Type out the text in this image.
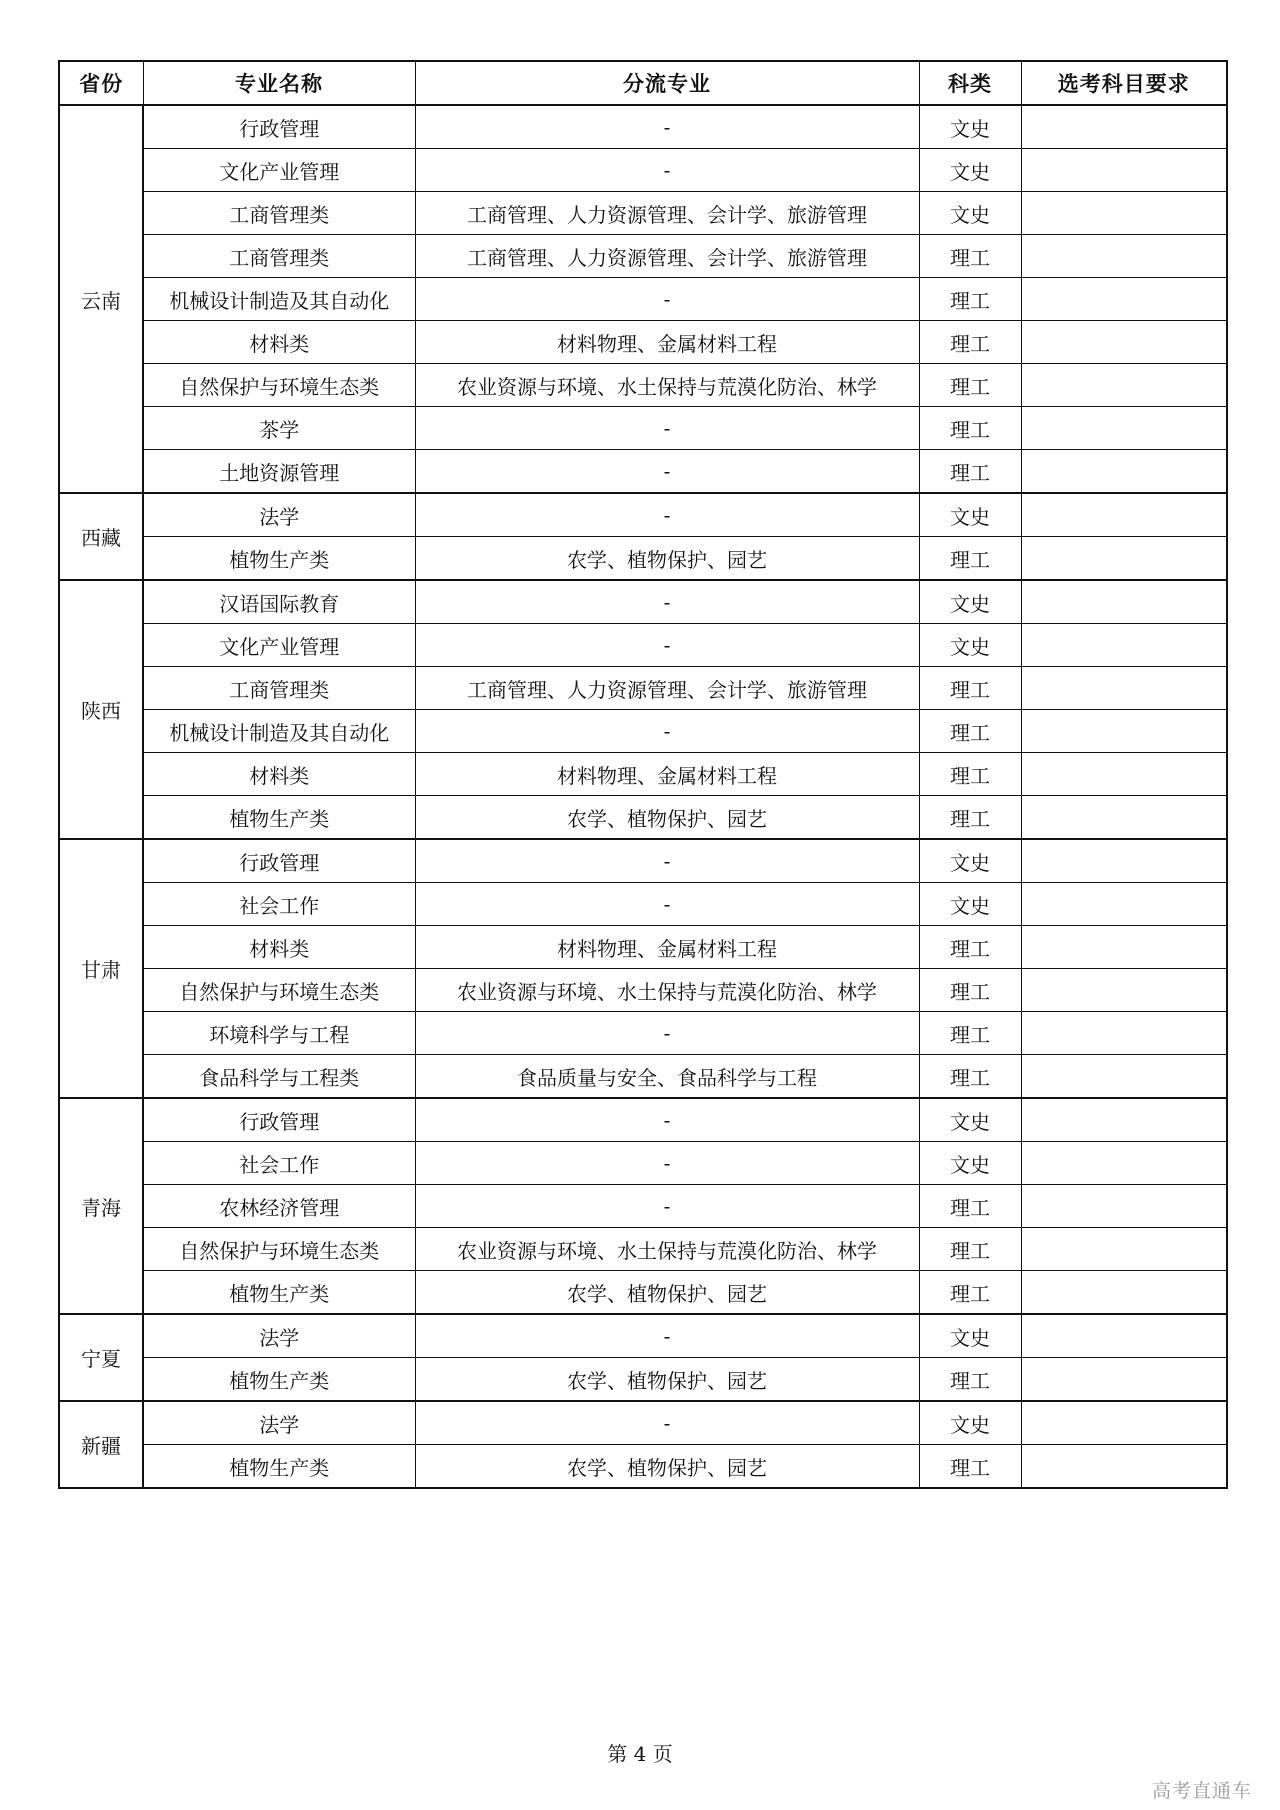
省份	专业名称	分流专业	科类	选考科目要求
云南	行政管理	-	文史	
	文化产业管理	-	文史	
	工商管理类	工商管理、人力资源管理、会计学、旅游管理	文史	
	工商管理类	工商管理、人力资源管理、会计学、旅游管理	理工	
	机械设计制造及其自动化	-	理工	
	材料类	材料物理、金属材料工程	理工	
	自然保护与环境生态类	农业资源与环境、水土保持与荒漠化防治、林学	理工	
	茶学	-	理工	
	土地资源管理	-	理工	
西藏	法学	-	文史	
	植物生产类	农学、植物保护、园艺	理工	
陕西	汉语国际教育	-	文史	
	文化产业管理	-	文史	
	工商管理类	工商管理、人力资源管理、会计学、旅游管理	理工	
	机械设计制造及其自动化	-	理工	
	材料类	材料物理、金属材料工程	理工	
	植物生产类	农学、植物保护、园艺	理工	
甘肃	行政管理	-	文史	
	社会工作	-	文史	
	材料类	材料物理、金属材料工程	理工	
	自然保护与环境生态类	农业资源与环境、水土保持与荒漠化防治、林学	理工	
	环境科学与工程	-	理工	
	食品科学与工程类	食品质量与安全、食品科学与工程	理工	
青海	行政管理	-	文史	
	社会工作	-	文史	
	农林经济管理	-	理工	
	自然保护与环境生态类	农业资源与环境、水土保持与荒漠化防治、林学	理工	
	植物生产类	农学、植物保护、园艺	理工	
宁夏	法学	-	文史	
	植物生产类	农学、植物保护、园艺	理工	
新疆	法学	-	文史	
	植物生产类	农学、植物保护、园艺	理工	
第 4 页
高考直通车
